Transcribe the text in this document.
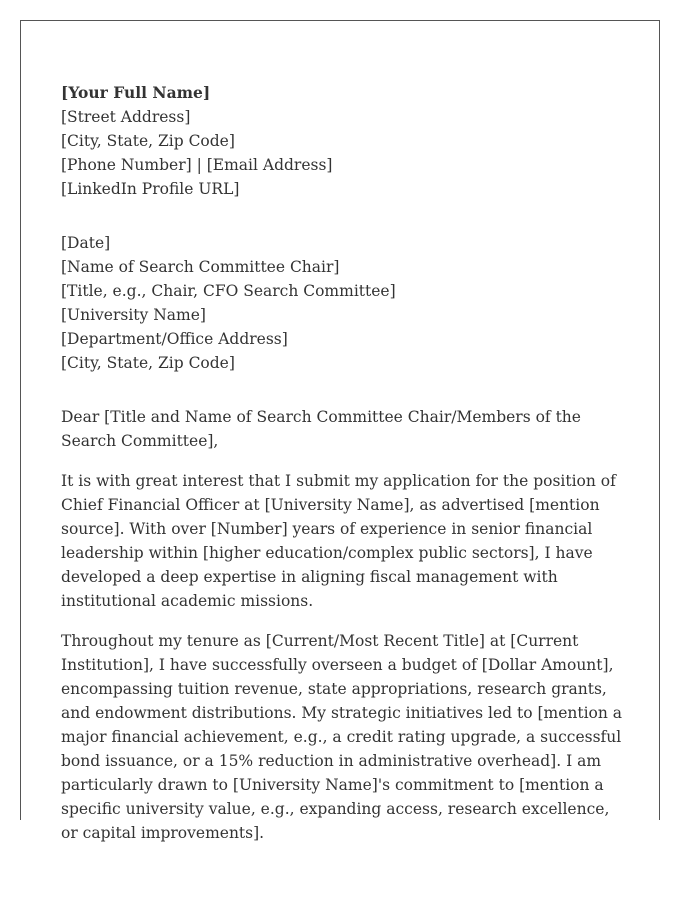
[Your Full Name]
[Street Address]
[City, State, Zip Code]
[Phone Number] | [Email Address]
[LinkedIn Profile URL]
[Date]
[Name of Search Committee Chair]
[Title, e.g., Chair, CFO Search Committee]
[University Name]
[Department/Office Address]
[City, State, Zip Code]

Dear [Title and Name of Search Committee Chair/Members of the Search Committee],

It is with great interest that I submit my application for the position of Chief Financial Officer at [University Name], as advertised [mention source]. With over [Number] years of experience in senior financial leadership within [higher education/complex public sectors], I have developed a deep expertise in aligning fiscal management with institutional academic missions.

Throughout my tenure as [Current/Most Recent Title] at [Current Institution], I have successfully overseen a budget of [Dollar Amount], encompassing tuition revenue, state appropriations, research grants, and endowment distributions. My strategic initiatives led to [mention a major financial achievement, e.g., a credit rating upgrade, a successful bond issuance, or a 15% reduction in administrative overhead]. I am particularly drawn to [University Name]'s commitment to [mention a specific university value, e.g., expanding access, research excellence, or capital improvements].
